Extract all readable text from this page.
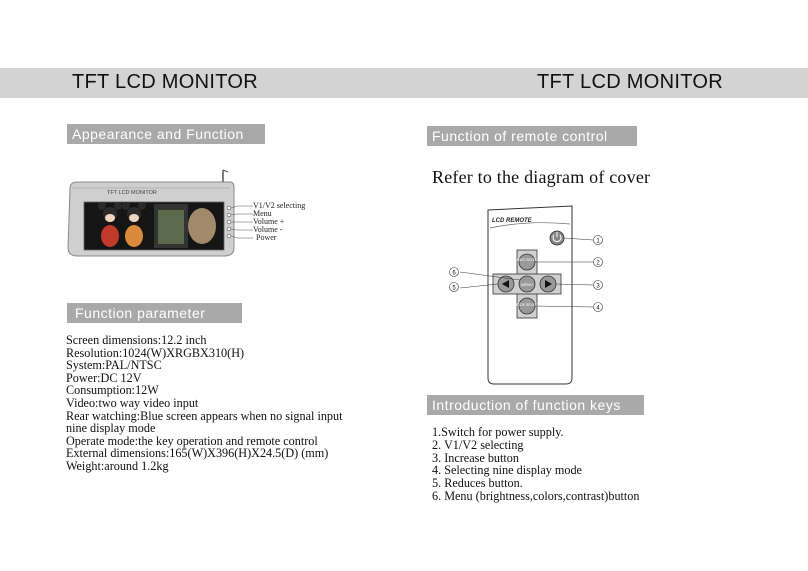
TFT LCD MONITOR	TFT LCD MONITOR
Appearance and Function
TFT LCD MONITOR
V1/V2 selecting
Menu
Volume +
Volume -
Power
Function parameter
Screen dimensions:12.2 inch
Resolution:1024(W)XRGBX310(H)
System:PAL/NTSC
Power:DC 12V
Consumption:12W
Video:two way video input
Rear watching:Blue screen appears when no signal input
nine display mode
Operate mode:the key operation and remote control
External dimensions:165(W)X396(H)X24.5(D) (mm)
Weight:around 1.2kg
Function of remote control
Refer to the diagram of cover
LCD REMOTE
VIDEO SELECT
MENU
MODE SELECT
1
2
3
4
5
6
Introduction of function keys
1.Switch for power supply.
2. V1/V2 selecting
3. Increase button
4. Selecting nine display mode
5. Reduces button.
6. Menu (brightness,colors,contrast)button
